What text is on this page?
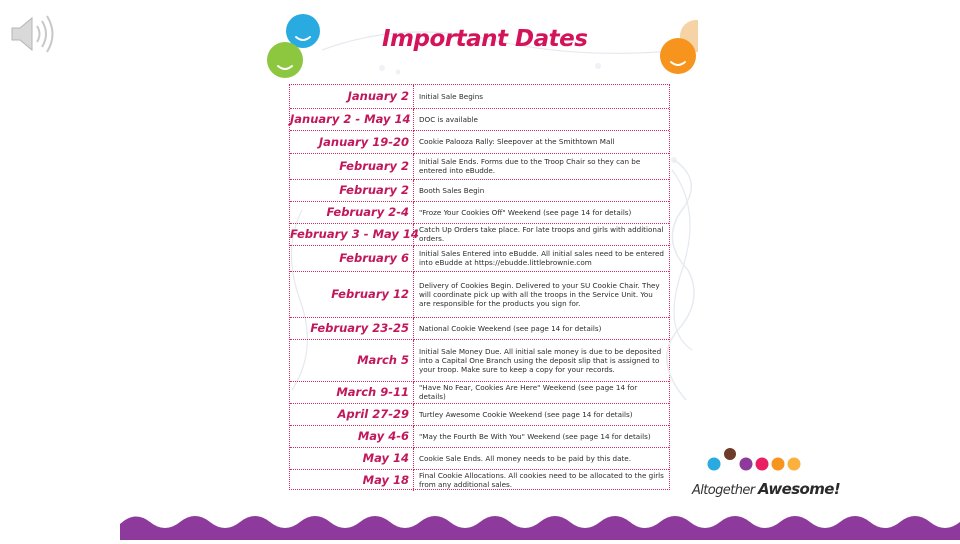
Important Dates
January 2	Initial Sale Begins
January 2 - May 14	DOC is available
January 19-20	Cookie Palooza Rally: Sleepover at the Smithtown Mall
February 2	Initial Sale Ends. Forms due to the Troop Chair so they can be entered into eBudde.
February 2	Booth Sales Begin
February 2-4	"Froze Your Cookies Off" Weekend (see page 14 for details)
February 3 - May 14	Catch Up Orders take place. For late troops and girls with additional orders.
February 6	Initial Sales Entered into eBudde. All initial sales need to be entered into eBudde at https://ebudde.littlebrownie.com
February 12	Delivery of Cookies Begin. Delivered to your SU Cookie Chair. They will coordinate pick up with all the troops in the Service Unit. You are responsible for the products you sign for.
February 23-25	National Cookie Weekend (see page 14 for details)
March 5	Initial Sale Money Due. All initial sale money is due to be deposited into a Capital One Branch using the deposit slip that is assigned to your troop. Make sure to keep a copy for your records.
March 9-11	"Have No Fear, Cookies Are Here" Weekend (see page 14 for details)
April 27-29	Turtley Awesome Cookie Weekend (see page 14 for details)
May 4-6	"May the Fourth Be With You" Weekend (see page 14 for details)
May 14	Cookie Sale Ends. All money needs to be paid by this date.
May 18	Final Cookie Allocations. All cookies need to be allocated to the girls from any additional sales.	Altogether Awesome!
